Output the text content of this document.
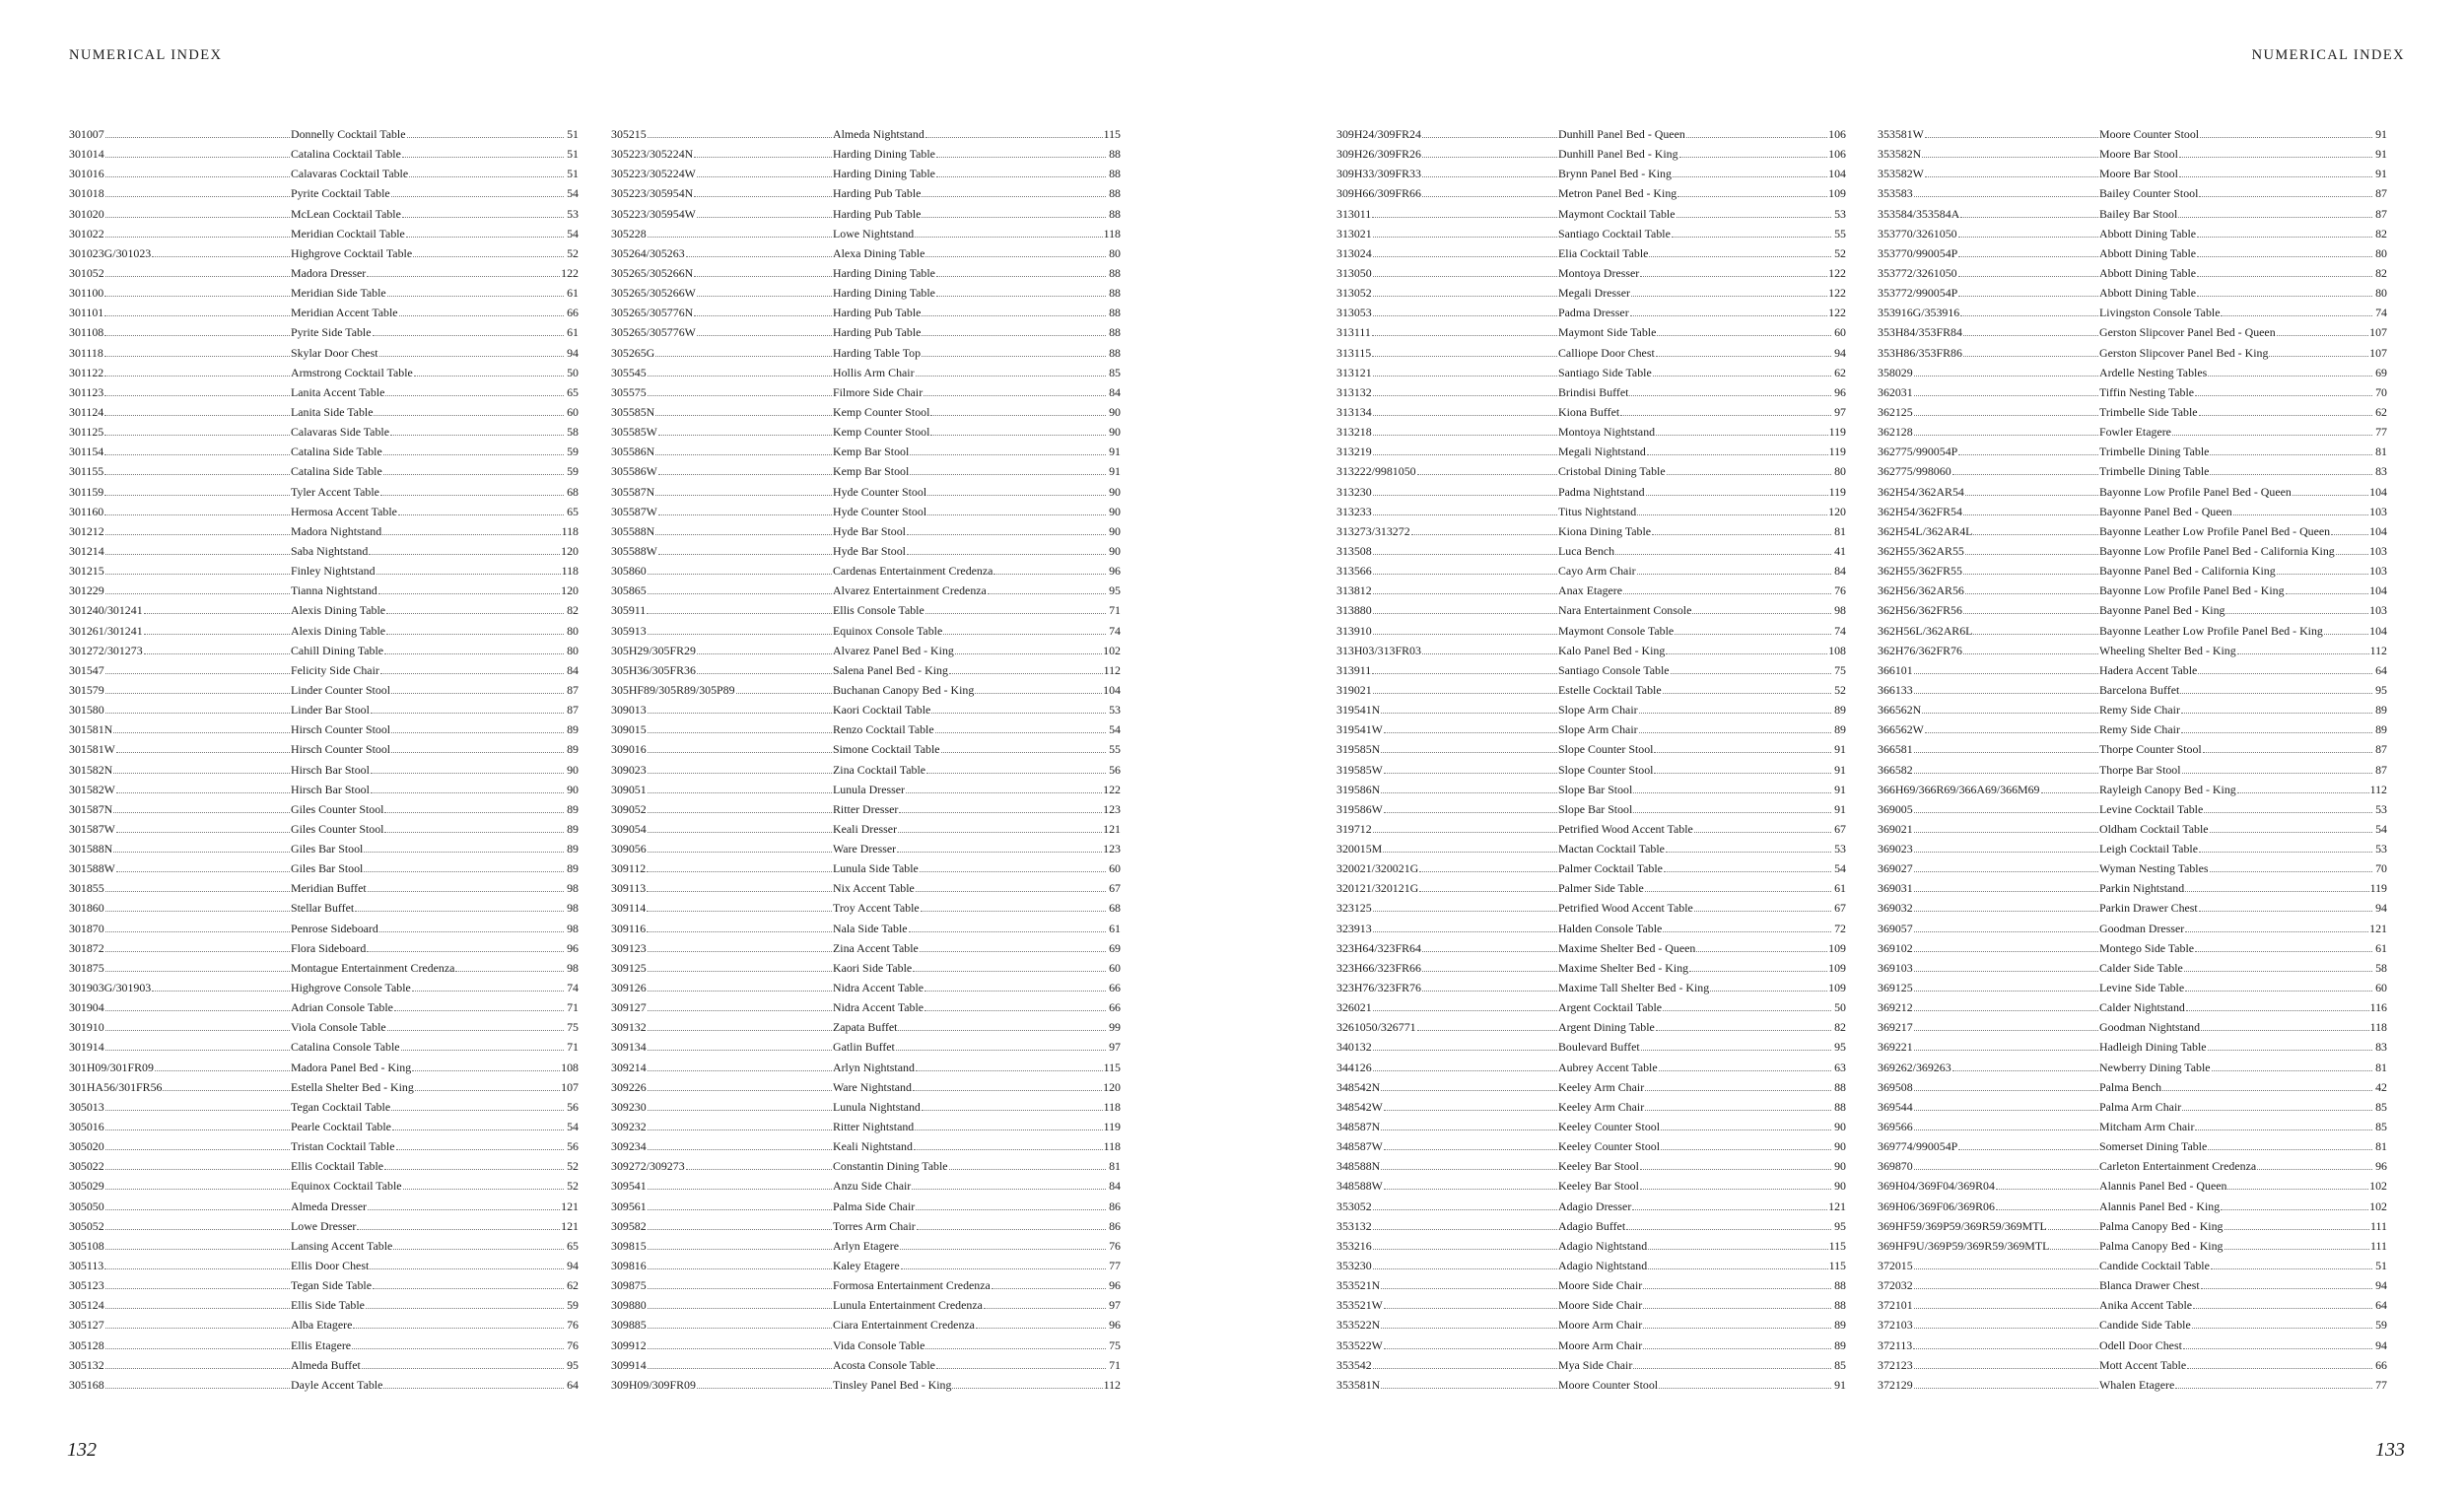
NUMERICAL INDEX	NUMERICAL INDEX
301007	Donnelly Cocktail Table	51
301014	Catalina Cocktail Table	51
301016	Calavaras Cocktail Table	51
301018	Pyrite Cocktail Table	54
301020	McLean Cocktail Table	53
301022	Meridian Cocktail Table	54
301023G/301023	Highgrove Cocktail Table	52
301052	Madora Dresser	122
301100	Meridian Side Table	61
301101	Meridian Accent Table	66
301108	Pyrite Side Table	61
301118	Skylar Door Chest	94
301122	Armstrong Cocktail Table	50
301123	Lanita Accent Table	65
301124	Lanita Side Table	60
301125	Calavaras Side Table	58
301154	Catalina Side Table	59
301155	Catalina Side Table	59
301159	Tyler Accent Table	68
301160	Hermosa Accent Table	65
301212	Madora Nightstand	118
301214	Saba Nightstand	120
301215	Finley Nightstand	118
301229	Tianna Nightstand	120
301240/301241	Alexis Dining Table	82
301261/301241	Alexis Dining Table	80
301272/301273	Cahill Dining Table	80
301547	Felicity Side Chair	84
301579	Linder Counter Stool	87
301580	Linder Bar Stool	87
301581N	Hirsch Counter Stool	89
301581W	Hirsch Counter Stool	89
301582N	Hirsch Bar Stool	90
301582W	Hirsch Bar Stool	90
301587N	Giles Counter Stool	89
301587W	Giles Counter Stool	89
301588N	Giles Bar Stool	89
301588W	Giles Bar Stool	89
301855	Meridian Buffet	98
301860	Stellar Buffet	98
301870	Penrose Sideboard	98
301872	Flora Sideboard	96
301875	Montague Entertainment Credenza	98
301903G/301903	Highgrove Console Table	74
301904	Adrian Console Table	71
301910	Viola Console Table	75
301914	Catalina Console Table	71
301H09/301FR09	Madora Panel Bed - King	108
301HA56/301FR56	Estella Shelter Bed - King	107
305013	Tegan Cocktail Table	56
305016	Pearle Cocktail Table	54
305020	Tristan Cocktail Table	56
305022	Ellis Cocktail Table	52
305029	Equinox Cocktail Table	52
305050	Almeda Dresser	121
305052	Lowe Dresser	121
305108	Lansing Accent Table	65
305113	Ellis Door Chest	94
305123	Tegan Side Table	62
305124	Ellis Side Table	59
305127	Alba Etagere	76
305128	Ellis Etagere	76
305132	Almeda Buffet	95
305168	Dayle Accent Table	64
305215	Almeda Nightstand	115
305223/305224N	Harding Dining Table	88
305223/305224W	Harding Dining Table	88
305223/305954N	Harding Pub Table	88
305223/305954W	Harding Pub Table	88
305228	Lowe Nightstand	118
305264/305263	Alexa Dining Table	80
305265/305266N	Harding Dining Table	88
305265/305266W	Harding Dining Table	88
305265/305776N	Harding Pub Table	88
305265/305776W	Harding Pub Table	88
305265G	Harding Table Top	88
305545	Hollis Arm Chair	85
305575	Filmore Side Chair	84
305585N	Kemp Counter Stool	90
305585W	Kemp Counter Stool	90
305586N	Kemp Bar Stool	91
305586W	Kemp Bar Stool	91
305587N	Hyde Counter Stool	90
305587W	Hyde Counter Stool	90
305588N	Hyde Bar Stool	90
305588W	Hyde Bar Stool	90
305860	Cardenas Entertainment Credenza	96
305865	Alvarez Entertainment Credenza	95
305911	Ellis Console Table	71
305913	Equinox Console Table	74
305H29/305FR29	Alvarez Panel Bed - King	102
305H36/305FR36	Salena Panel Bed - King	112
305HF89/305R89/305P89	Buchanan Canopy Bed - King	104
309013	Kaori Cocktail Table	53
309015	Renzo Cocktail Table	54
309016	Simone Cocktail Table	55
309023	Zina Cocktail Table	56
309051	Lunula Dresser	122
309052	Ritter Dresser	123
309054	Keali Dresser	121
309056	Ware Dresser	123
309112	Lunula Side Table	60
309113	Nix Accent Table	67
309114	Troy Accent Table	68
309116	Nala Side Table	61
309123	Zina Accent Table	69
309125	Kaori Side Table	60
309126	Nidra Accent Table	66
309127	Nidra Accent Table	66
309132	Zapata Buffet	99
309134	Gatlin Buffet	97
309214	Arlyn Nightstand	115
309226	Ware Nightstand	120
309230	Lunula Nightstand	118
309232	Ritter Nightstand	119
309234	Keali Nightstand	118
309272/309273	Constantin Dining Table	81
309541	Anzu Side Chair	84
309561	Palma Side Chair	86
309582	Torres Arm Chair	86
309815	Arlyn Etagere	76
309816	Kaley Etagere	77
309875	Formosa Entertainment Credenza	96
309880	Lunula Entertainment Credenza	97
309885	Ciara Entertainment Credenza	96
309912	Vida Console Table	75
309914	Acosta Console Table	71
309H09/309FR09	Tinsley Panel Bed - King	112
309H24/309FR24	Dunhill Panel Bed - Queen	106
309H26/309FR26	Dunhill Panel Bed - King	106
309H33/309FR33	Brynn Panel Bed - King	104
309H66/309FR66	Metron Panel Bed - King	109
313011	Maymont Cocktail Table	53
313021	Santiago Cocktail Table	55
313024	Elia Cocktail Table	52
313050	Montoya Dresser	122
313052	Megali Dresser	122
313053	Padma Dresser	122
313111	Maymont Side Table	60
313115	Calliope Door Chest	94
313121	Santiago Side Table	62
313132	Brindisi Buffet	96
313134	Kiona Buffet	97
313218	Montoya Nightstand	119
313219	Megali Nightstand	119
313222/9981050	Cristobal Dining Table	80
313230	Padma Nightstand	119
313233	Titus Nightstand	120
313273/313272	Kiona Dining Table	81
313508	Luca Bench	41
313566	Cayo Arm Chair	84
313812	Anax Etagere	76
313880	Nara Entertainment Console	98
313910	Maymont Console Table	74
313H03/313FR03	Kalo Panel Bed - King	108
313911	Santiago Console Table	75
319021	Estelle Cocktail Table	52
319541N	Slope Arm Chair	89
319541W	Slope Arm Chair	89
319585N	Slope Counter Stool	91
319585W	Slope Counter Stool	91
319586N	Slope Bar Stool	91
319586W	Slope Bar Stool	91
319712	Petrified Wood Accent Table	67
320015M	Mactan Cocktail Table	53
320021/320021G	Palmer Cocktail Table	54
320121/320121G	Palmer Side Table	61
323125	Petrified Wood Accent Table	67
323913	Halden Console Table	72
323H64/323FR64	Maxime Shelter Bed - Queen	109
323H66/323FR66	Maxime Shelter Bed - King	109
323H76/323FR76	Maxime Tall Shelter Bed - King	109
326021	Argent Cocktail Table	50
3261050/326771	Argent Dining Table	82
340132	Boulevard Buffet	95
344126	Aubrey Accent Table	63
348542N	Keeley Arm Chair	88
348542W	Keeley Arm Chair	88
348587N	Keeley Counter Stool	90
348587W	Keeley Counter Stool	90
348588N	Keeley Bar Stool	90
348588W	Keeley Bar Stool	90
353052	Adagio Dresser	121
353132	Adagio Buffet	95
353216	Adagio Nightstand	115
353230	Adagio Nightstand	115
353521N	Moore Side Chair	88
353521W	Moore Side Chair	88
353522N	Moore Arm Chair	89
353522W	Moore Arm Chair	89
353542	Mya Side Chair	85
353581N	Moore Counter Stool	91
353581W	Moore Counter Stool	91
353582N	Moore Bar Stool	91
353582W	Moore Bar Stool	91
353583	Bailey Counter Stool	87
353584/353584A	Bailey Bar Stool	87
353770/3261050	Abbott Dining Table	82
353770/990054P	Abbott Dining Table	80
353772/3261050	Abbott Dining Table	82
353772/990054P	Abbott Dining Table	80
353916G/353916	Livingston Console Table	74
353H84/353FR84	Gerston Slipcover Panel Bed - Queen	107
353H86/353FR86	Gerston Slipcover Panel Bed - King	107
358029	Ardelle Nesting Tables	69
362031	Tiffin Nesting Table	70
362125	Trimbelle Side Table	62
362128	Fowler Etagere	77
362775/990054P	Trimbelle Dining Table	81
362775/998060	Trimbelle Dining Table	83
362H54/362AR54	Bayonne Low Profile Panel Bed - Queen	104
362H54/362FR54	Bayonne Panel Bed - Queen	103
362H54L/362AR4L	Bayonne Leather Low Profile Panel Bed - Queen	104
362H55/362AR55	Bayonne Low Profile Panel Bed - California King	103
362H55/362FR55	Bayonne Panel Bed - California King	103
362H56/362AR56	Bayonne Low Profile Panel Bed - King	104
362H56/362FR56	Bayonne Panel Bed - King	103
362H56L/362AR6L	Bayonne Leather Low Profile Panel Bed - King	104
362H76/362FR76	Wheeling Shelter Bed - King	112
366101	Hadera Accent Table	64
366133	Barcelona Buffet	95
366562N	Remy Side Chair	89
366562W	Remy Side Chair	89
366581	Thorpe Counter Stool	87
366582	Thorpe Bar Stool	87
366H69/366R69/366A69/366M69	Rayleigh Canopy Bed - King	112
369005	Levine Cocktail Table	53
369021	Oldham Cocktail Table	54
369023	Leigh Cocktail Table	53
369027	Wyman Nesting Tables	70
369031	Parkin Nightstand	119
369032	Parkin Drawer Chest	94
369057	Goodman Dresser	121
369102	Montego Side Table	61
369103	Calder Side Table	58
369125	Levine Side Table	60
369212	Calder Nightstand	116
369217	Goodman Nightstand	118
369221	Hadleigh Dining Table	83
369262/369263	Newberry Dining Table	81
369508	Palma Bench	42
369544	Palma Arm Chair	85
369566	Mitcham Arm Chair	85
369774/990054P	Somerset Dining Table	81
369870	Carleton Entertainment Credenza	96
369H04/369F04/369R04	Alannis Panel Bed - Queen	102
369H06/369F06/369R06	Alannis Panel Bed - King	102
369HF59/369P59/369R59/369MTL	Palma Canopy Bed - King	111
369HF9U/369P59/369R59/369MTL	Palma Canopy Bed - King	111
372015	Candide Cocktail Table	51
372032	Blanca Drawer Chest	94
372101	Anika Accent Table	64
372103	Candide Side Table	59
372113	Odell Door Chest	94
372123	Mott Accent Table	66
372129	Whalen Etagere	77
132	133
